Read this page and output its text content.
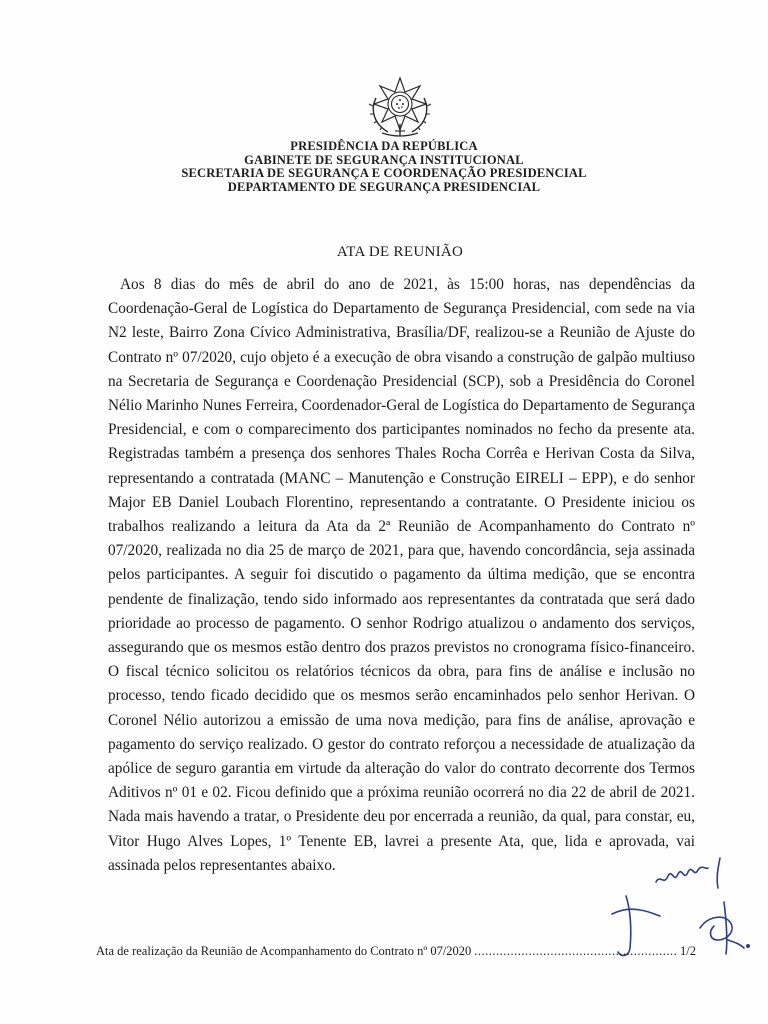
PRESIDÊNCIA DA REPÚBLICA
GABINETE DE SEGURANÇA INSTITUCIONAL
SECRETARIA DE SEGURANÇA E COORDENAÇÃO PRESIDENCIAL
DEPARTAMENTO DE SEGURANÇA PRESIDENCIAL
ATA DE REUNIÃO

Aos 8 dias do mês de abril do ano de 2021, às 15:00 horas, nas dependências da Coordenação-Geral de Logística do Departamento de Segurança Presidencial, com sede na via N2 leste, Bairro Zona Cívico Administrativa, Brasília/DF, realizou-se a Reunião de Ajuste do Contrato nº 07/2020, cujo objeto é a execução de obra visando a construção de galpão multiuso na Secretaria de Segurança e Coordenação Presidencial (SCP), sob a Presidência do Coronel Nélio Marinho Nunes Ferreira, Coordenador-Geral de Logística do Departamento de Segurança Presidencial, e com o comparecimento dos participantes nominados no fecho da presente ata. Registradas também a presença dos senhores Thales Rocha Corrêa e Herivan Costa da Silva, representando a contratada (MANC – Manutenção e Construção EIRELI – EPP), e do senhor Major EB Daniel Loubach Florentino, representando a contratante. O Presidente iniciou os trabalhos realizando a leitura da Ata da 2ª Reunião de Acompanhamento do Contrato nº 07/2020, realizada no dia 25 de março de 2021, para que, havendo concordância, seja assinada pelos participantes. A seguir foi discutido o pagamento da última medição, que se encontra pendente de finalização, tendo sido informado aos representantes da contratada que será dado prioridade ao processo de pagamento. O senhor Rodrigo atualizou o andamento dos serviços, assegurando que os mesmos estão dentro dos prazos previstos no cronograma físico-financeiro. O fiscal técnico solicitou os relatórios técnicos da obra, para fins de análise e inclusão no processo, tendo ficado decidido que os mesmos serão encaminhados pelo senhor Herivan. O Coronel Nélio autorizou a emissão de uma nova medição, para fins de análise, aprovação e pagamento do serviço realizado. O gestor do contrato reforçou a necessidade de atualização da apólice de seguro garantia em virtude da alteração do valor do contrato decorrente dos Termos Aditivos nº 01 e 02. Ficou definido que a próxima reunião ocorrerá no dia 22 de abril de 2021. Nada mais havendo a tratar, o Presidente deu por encerrada a reunião, da qual, para constar, eu, Vitor Hugo Alves Lopes, 1º Tenente EB, lavrei a presente Ata, que, lida e aprovada, vai assinada pelos representantes abaixo.

Ata de realização da Reunião de Acompanhamento do Contrato nº 07/2020
.....	1/2
